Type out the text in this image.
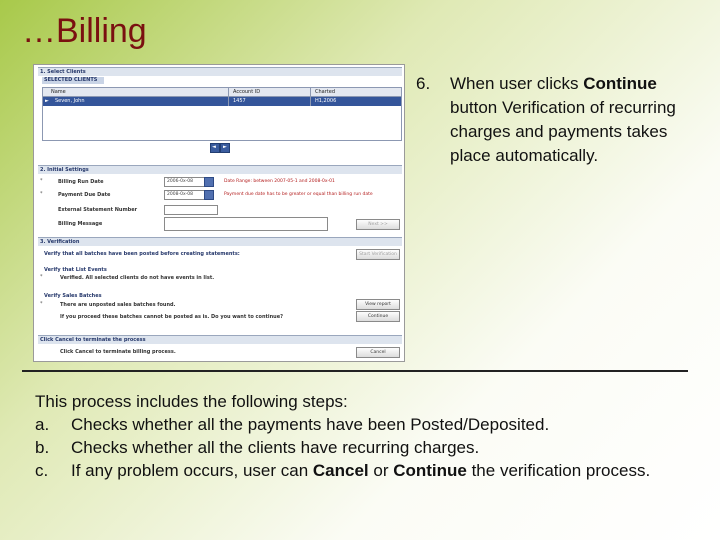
…Billing
1. Select Clients
SELECTED CLIENTS
Name	Account ID	Charted
► Seven, John	1457	H1,2006
◄ ►
2. Initial Settings
*	Billing Run Date	2006-0x-08	Date Range: between 2007-05-1 and 2008-0x-01
*	Payment Due Date	2008-0x-08	Payment due date has to be greater or equal than billing run date
External Statement Number
Billing Message	Next >>
3. Verification
Verify that all batches have been posted before creating statements:	Start Verification
Verify that List Events
*	Verified. All selected clients do not have events in list.
Verify Sales Batches
*	There are unposted sales batches found.	View report
If you proceed these batches cannot be posted as is. Do you want to continue?	Continue
Click Cancel to terminate the process
Click Cancel to terminate billing process.	Cancel
6. When user clicks Continue button Verification of recurring charges and payments takes place automatically.
This process includes the following steps:
a. Checks whether all the payments have been Posted/Deposited.
b. Checks whether all the clients have recurring charges.
c. If any problem occurs, user can Cancel or Continue the verification process.
